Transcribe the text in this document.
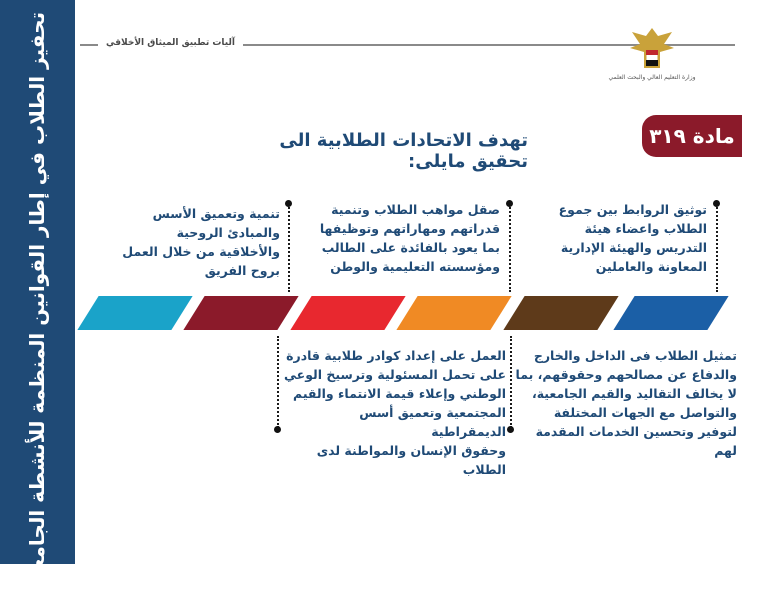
تحفيز الطلاب في إطار القوانين المنظمة للأنشطة الجامعية	آليات تطبيق الميثاق الأخلاقي
وزارة التعليم العالي والبحث العلمي
مادة ٣١٩
تهدف الاتحادات الطلابية الى تحقيق مايلى:
توثيق الروابط بين جموع
الطلاب واعضاء هيئة
التدريس والهيئة الإدارية
المعاونة والعاملين
صقل مواهب الطلاب وتنمية
قدراتهم ومهاراتهم وتوظيفها
بما يعود بالفائدة على الطالب
ومؤسسته التعليمية والوطن
تنمية وتعميق الأسس
والمبادئ الروحية
والأخلاقية من خلال العمل
بروح الفريق
تمثيل الطلاب فى الداخل والخارج
والدفاع عن مصالحهم وحقوقهم، بما
لا يخالف التقاليد والقيم الجامعية،
والتواصل مع الجهات المختلفة
لتوفير وتحسين الخدمات المقدمة لهم
العمل على إعداد كوادر طلابية قادرة
على تحمل المسئولية وترسيخ الوعي
الوطني وإعلاء قيمة الانتماء والقيم
المجتمعية وتعميق أسس الديمقراطية
وحقوق الإنسان والمواطنة لدى الطلاب
